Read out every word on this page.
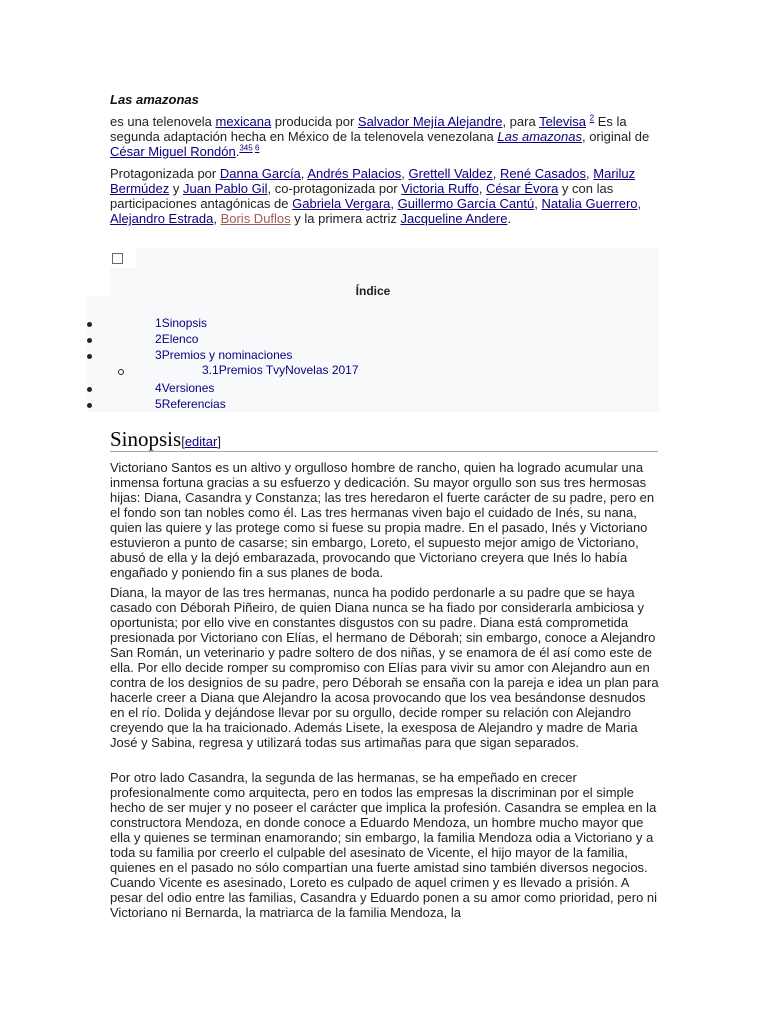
Las amazonas
es una telenovela mexicana producida por Salvador Mejía Alejandre, para Televisa $^2$ Es la segunda adaptación hecha en México de la telenovela venezolana Las amazonas, original de César Miguel Rondón.$^{345 6}$
Protagonizada por Danna García, Andrés Palacios, Grettell Valdez, René Casados, Mariluz Bermúdez y Juan Pablo Gil, co-protagonizada por Victoria Ruffo, César Évora y con las participaciones antagónicas de Gabriela Vergara, Guillermo García Cantú, Natalia Guerrero, Alejandro Estrada, Boris Duflos y la primera actriz Jacqueline Andere.
Índice
1Sinopsis
2Elenco
3Premios y nominaciones
3.1Premios TvyNovelas 2017
4Versiones
5Referencias
Sinopsis[editar]
Victoriano Santos es un altivo y orgulloso hombre de rancho, quien ha logrado acumular una inmensa fortuna gracias a su esfuerzo y dedicación. Su mayor orgullo son sus tres hermosas hijas: Diana, Casandra y Constanza; las tres heredaron el fuerte carácter de su padre, pero en el fondo son tan nobles como él. Las tres hermanas viven bajo el cuidado de Inés, su nana, quien las quiere y las protege como si fuese su propia madre. En el pasado, Inés y Victoriano estuvieron a punto de casarse; sin embargo, Loreto, el supuesto mejor amigo de Victoriano, abusó de ella y la dejó embarazada, provocando que Victoriano creyera que Inés lo había engañado y poniendo fin a sus planes de boda.
Diana, la mayor de las tres hermanas, nunca ha podido perdonarle a su padre que se haya casado con Déborah Piñeiro, de quien Diana nunca se ha fiado por considerarla ambiciosa y oportunista; por ello vive en constantes disgustos con su padre. Diana está comprometida presionada por Victoriano con Elías, el hermano de Déborah; sin embargo, conoce a Alejandro San Román, un veterinario y padre soltero de dos niñas, y se enamora de él así como este de ella. Por ello decide romper su compromiso con Elías para vivir su amor con Alejandro aun en contra de los designios de su padre, pero Déborah se ensaña con la pareja e idea un plan para hacerle creer a Diana que Alejandro la acosa provocando que los vea besándonse desnudos en el río. Dolida y dejándose llevar por su orgullo, decide romper su relación con Alejandro creyendo que la ha traicionado. Además Lisete, la exesposa de Alejandro y madre de Maria José y Sabina, regresa y utilizará todas sus artimañas para que sigan separados.
Por otro lado Casandra, la segunda de las hermanas, se ha empeñado en crecer profesionalmente como arquitecta, pero en todos las empresas la discriminan por el simple hecho de ser mujer y no poseer el carácter que implica la profesión. Casandra se emplea en la constructora Mendoza, en donde conoce a Eduardo Mendoza, un hombre mucho mayor que ella y quienes se terminan enamorando; sin embargo, la familia Mendoza odia a Victoriano y a toda su familia por creerlo el culpable del asesinato de Vicente, el hijo mayor de la familia, quienes en el pasado no sólo compartían una fuerte amistad sino también diversos negocios. Cuando Vicente es asesinado, Loreto es culpado de aquel crimen y es llevado a prisión. A pesar del odio entre las familias, Casandra y Eduardo ponen a su amor como prioridad, pero ni Victoriano ni Bernarda, la matriarca de la familia Mendoza, la
